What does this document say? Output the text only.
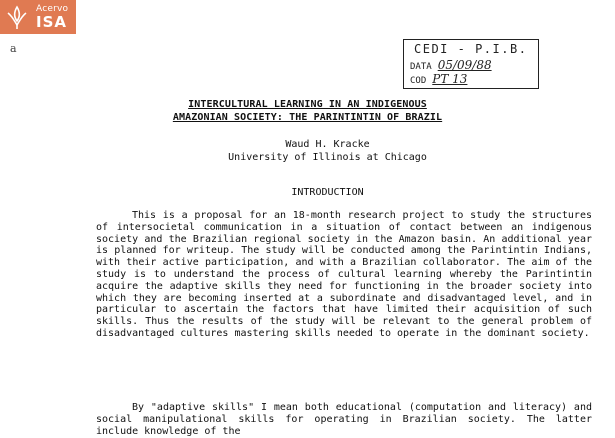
Acervo
ISA
a	CEDI - P.I.B.
DATA 05/09/88
COD PT 13
INTERCULTURAL LEARNING IN AN INDIGENOUS
AMAZONIAN SOCIETY: THE PARINTINTIN OF BRAZIL
Waud H. Kracke
University of Illinois at Chicago
INTRODUCTION

This is a proposal for an 18-month research project to study the structures of intersocietal communication in a situation of contact between an indigenous society and the Brazilian regional society in the Amazon basin. An additional year is planned for writeup. The study will be conducted among the Parintintin Indians, with their active participation, and with a Brazilian collaborator. The aim of the study is to understand the process of cultural learning whereby the Parintintin acquire the adaptive skills they need for functioning in the broader society into which they are becoming inserted at a subordinate and disadvantaged level, and in particular to ascertain the factors that have limited their acquisition of such skills. Thus the results of the study will be relevant to the general problem of disadvantaged cultures mastering skills needed to operate in the dominant society.

By "adaptive skills" I mean both educational (computation and literacy) and social manipulational skills for operating in Brazilian society. The latter include knowledge of the
